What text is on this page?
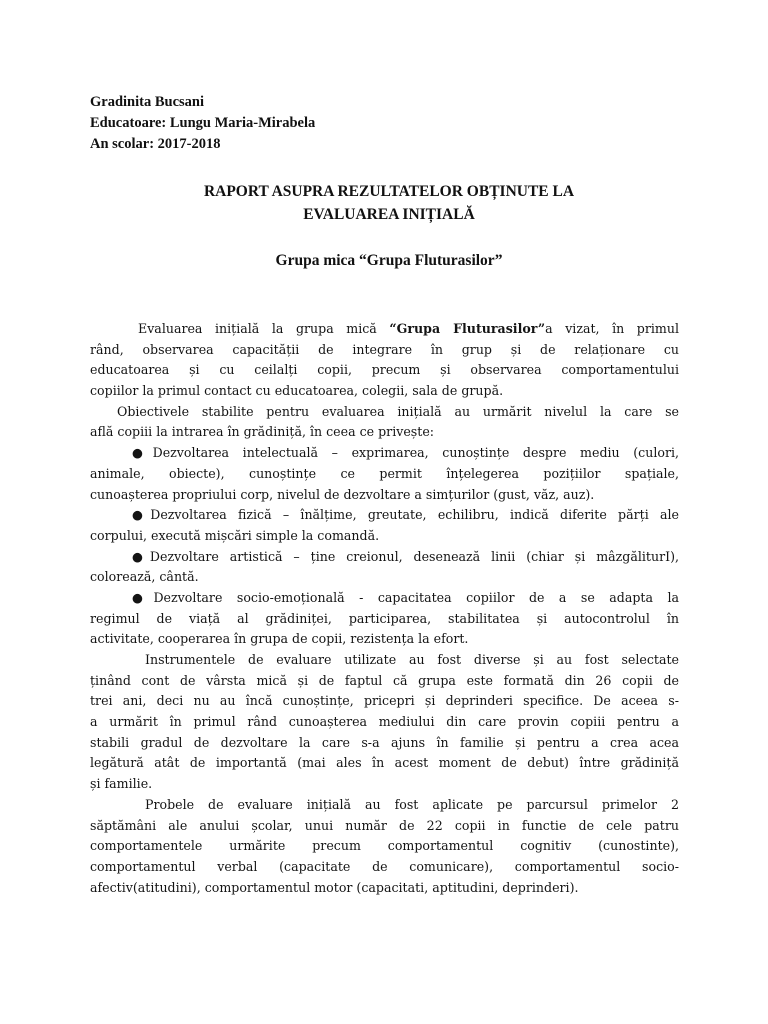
Gradinita Bucsani
Educatoare: Lungu Maria-Mirabela
An scolar: 2017-2018
RAPORT ASUPRA REZULTATELOR OBȚINUTE LA
EVALUAREA INIȚIALĂ
Grupa mica “Grupa Fluturasilor”
Evaluarea inițială la grupa mică “Grupa Fluturasilor”a vizat, în primul
rând, observarea capacității de integrare în grup și de relaționare cu
educatoarea și cu ceilalți copii, precum și observarea comportamentului
copiilor la primul contact cu educatoarea, colegii, sala de grupă.
Obiectivele stabilite pentru evaluarea inițială au urmărit nivelul la care se
află copiii la intrarea în grădiniță, în ceea ce privește:
●Dezvoltarea intelectuală – exprimarea, cunoștințe despre mediu (culori,
animale, obiecte), cunoștințe ce permit înțelegerea pozițiilor spațiale,
cunoașterea propriului corp, nivelul de dezvoltare a simțurilor (gust, văz, auz).
●Dezvoltarea fizică – înălțime, greutate, echilibru, indică diferite părți ale
corpului, execută mișcări simple la comandă.
●Dezvoltare artistică – ține creionul, desenează linii (chiar și mâzgăliturI),
colorează, cântă.
●Dezvoltare socio-emoțională - capacitatea copiilor de a se adapta la
regimul de viață al grădiniței, participarea, stabilitatea și autocontrolul în
activitate, cooperarea în grupa de copii, rezistența la efort.
Instrumentele de evaluare utilizate au fost diverse și au fost selectate
ținând cont de vârsta mică și de faptul că grupa este formată din 26 copii de
trei ani, deci nu au încă cunoștințe, pricepri și deprinderi specifice. De aceea s-
a urmărit în primul rând cunoașterea mediului din care provin copiii pentru a
stabili gradul de dezvoltare la care s-a ajuns în familie și pentru a crea acea
legătură atât de importantă (mai ales în acest moment de debut) între grădiniță
și familie.
Probele de evaluare inițială au fost aplicate pe parcursul primelor 2
săptămâni ale anului școlar, unui număr de 22 copii in functie de cele patru
comportamentele urmărite precum comportamentul cognitiv (cunostinte),
comportamentul verbal (capacitate de comunicare), comportamentul socio-
afectiv(atitudini), comportamentul motor (capacitati, aptitudini, deprinderi).
